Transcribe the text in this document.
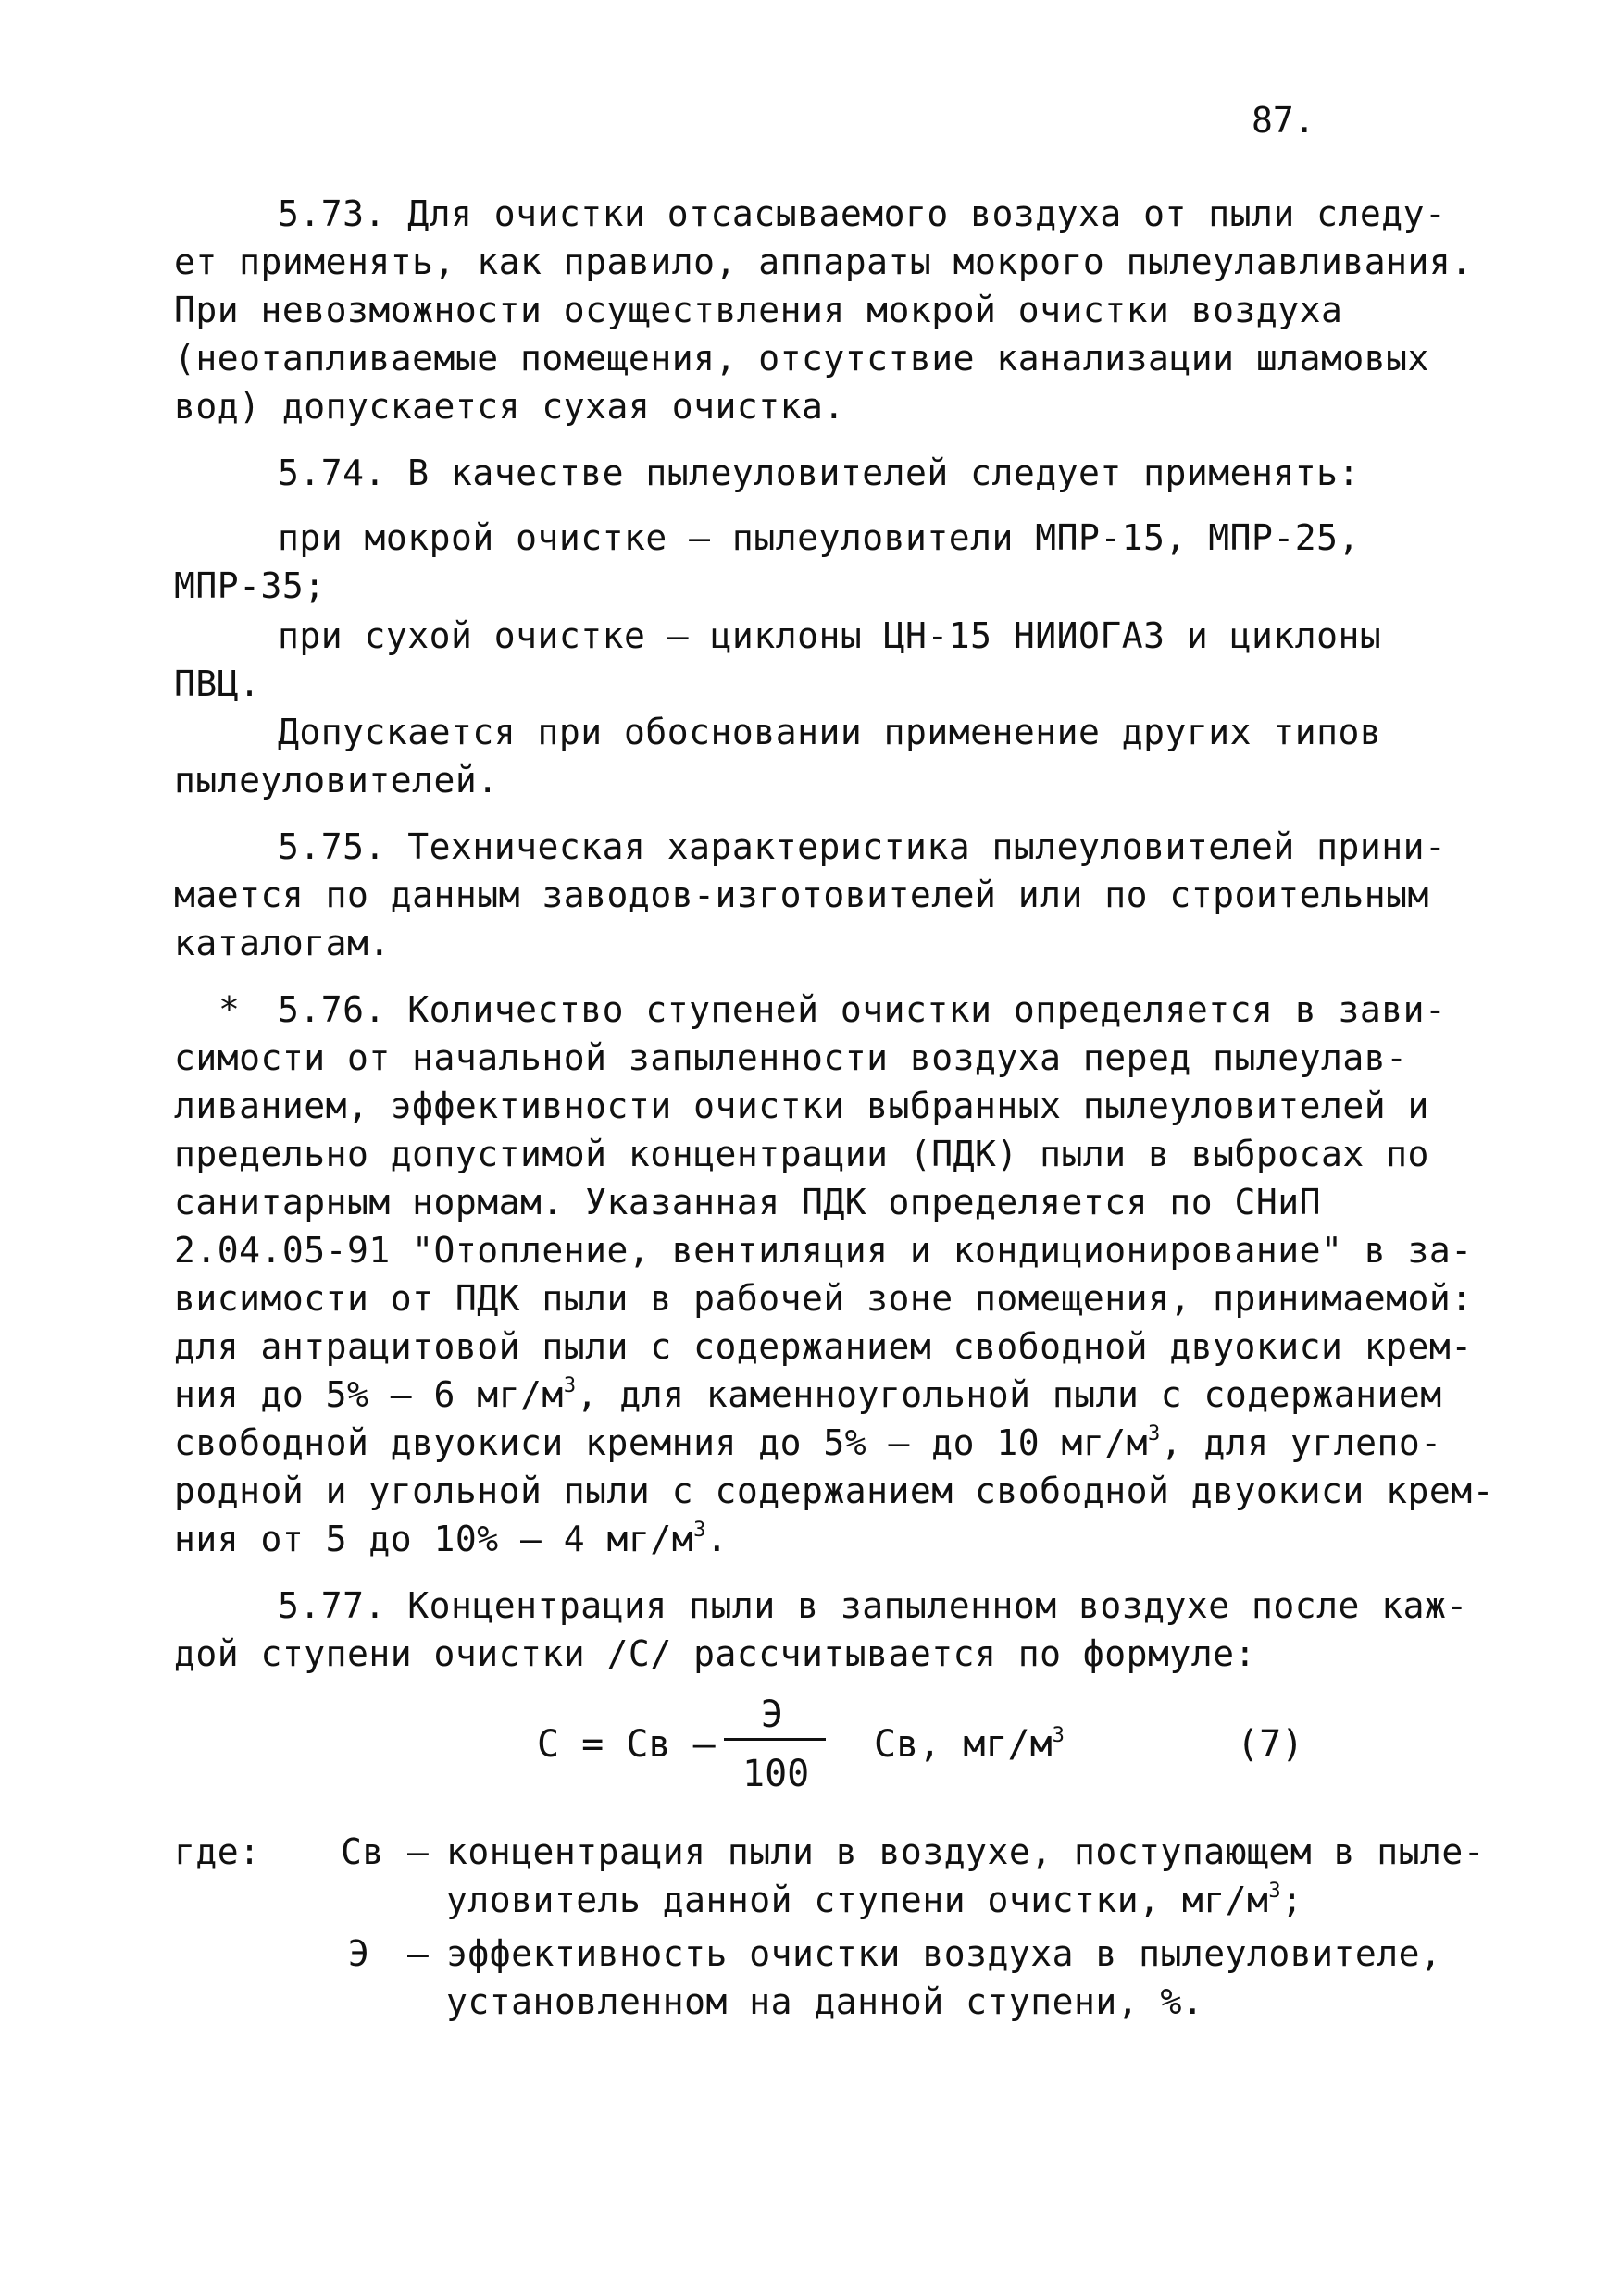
87.

5.73. Для очистки отсасываемого воздуха от пыли следу-

ет применять, как правило, аппараты мокрого пылеулавливания.

При невозможности осуществления мокрой очистки воздуха

(неотапливаемые помещения, отсутствие канализации шламовых

вод) допускается сухая очистка.

5.74. В качестве пылеуловителей следует применять:

при мокрой очистке – пылеуловители МПР-15, МПР-25,

МПР-35;

при сухой очистке – циклоны ЦН-15 НИИОГАЗ и циклоны

ПВЦ.

Допускается при обосновании применение других типов

пылеуловителей.

5.75. Техническая характеристика пылеуловителей прини-

мается по данным заводов-изготовителей или по строительным

каталогам.

* 5.76. Количество ступеней очистки определяется в зави-

симости от начальной запыленности воздуха перед пылеулав-

ливанием, эффективности очистки выбранных пылеуловителей и

предельно допустимой концентрации (ПДК) пыли в выбросах по

санитарным нормам. Указанная ПДК определяется по СНиП

2.04.05-91 "Отопление, вентиляция и кондиционирование" в за-

висимости от ПДК пыли в рабочей зоне помещения, принимаемой:

для антрацитовой пыли с содержанием свободной двуокиси крем-

ния до 5% – 6 $мг/м^3$, для каменноугольной пыли с содержанием

свободной двуокиси кремния до 5% – до 10 $мг/м^3$, для углепо-

родной и угольной пыли с содержанием свободной двуокиси крем-

ния от 5 до 10% – 4 $мг/м^3$.

5.77. Концентрация пыли в запыленном воздухе после каж-

дой ступени очистки /С/ рассчитывается по формуле:

С = Св –
Э
100
Св, $мг/м^3$	(7)
где: Св – концентрация пыли в воздухе, поступающем в пыле-

уловитель данной ступени очистки, $мг/м^3$;

Э – эффективность очистки воздуха в пылеуловителе,

установленном на данной ступени, %.
